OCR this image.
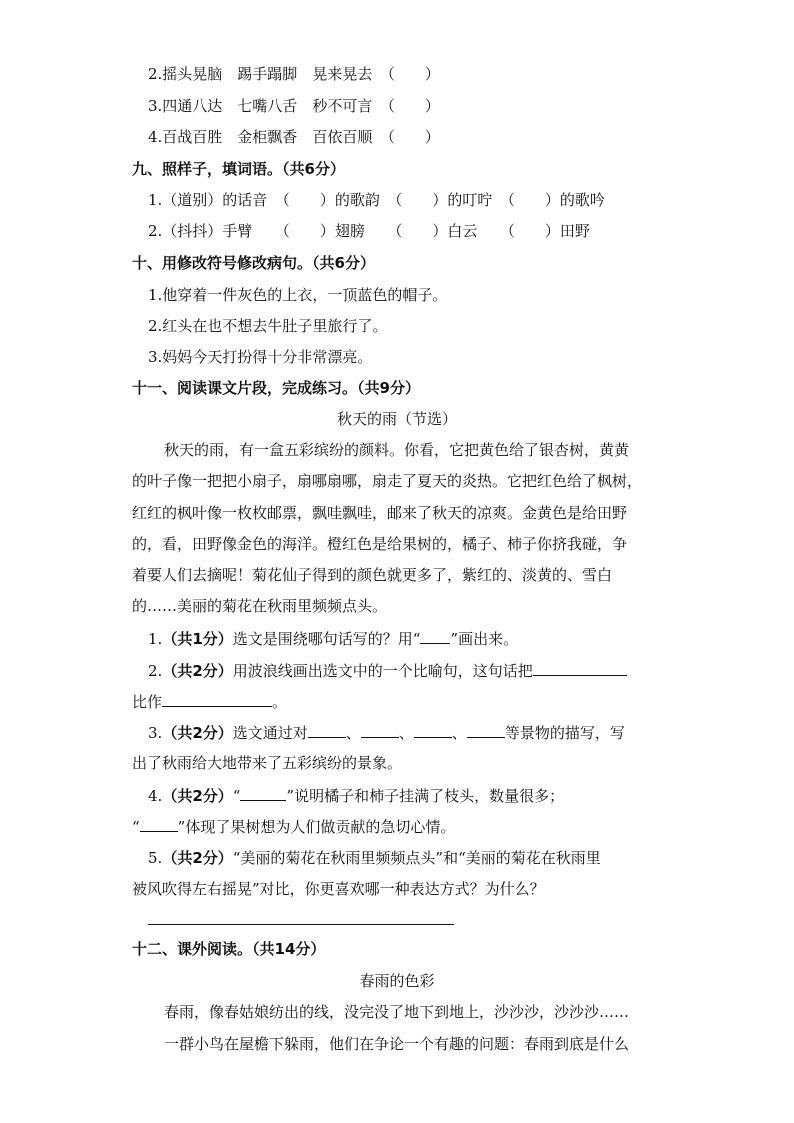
2.摇头晃脑　踢手蹋脚　晃来晃去　（　　）
3.四通八达　七嘴八舌　秒不可言　（　　）
4.百战百胜　金柜飘香　百依百顺　（　　）
九、照样子，填词语。（共6分）
1.（道别）的话音　（　　）的歌韵　（　　）的叮咛　（　　）的歌吟
2.（抖抖）手臂　　（　　）翅膀　　（　　）白云　　（　　）田野
十、用修改符号修改病句。（共6分）
1.他穿着一件灰色的上衣，一顶蓝色的帽子。
2.红头在也不想去牛肚子里旅行了。
3.妈妈今天打扮得十分非常漂亮。
十一、阅读课文片段，完成练习。（共9分）
秋天的雨（节选）
秋天的雨，有一盒五彩缤纷的颜料。你看，它把黄色给了银杏树，黄黄
的叶子像一把把小扇子，扇哪扇哪，扇走了夏天的炎热。它把红色给了枫树，
红红的枫叶像一枚枚邮票，飘哇飘哇，邮来了秋天的凉爽。金黄色是给田野
的，看，田野像金色的海洋。橙红色是给果树的，橘子、柿子你挤我碰，争
着要人们去摘呢！菊花仙子得到的颜色就更多了，紫红的、淡黄的、雪白
的……美丽的菊花在秋雨里频频点头。
1.（共1分）选文是围绕哪句话写的？用“ ”画出来。
2.（共2分）用波浪线画出选文中的一个比喻句，这句话把
比作	。
3.（共2分）选文通过对	、	、	、	等景物的描写，写
出了秋雨给大地带来了五彩缤纷的景象。
4.（共2分）“	”说明橘子和柿子挂满了枝头，数量很多；
“	”体现了果树想为人们做贡献的急切心情。
5.（共2分）“美丽的菊花在秋雨里频频点头”和“美丽的菊花在秋雨里
被风吹得左右摇晃”对比，你更喜欢哪一种表达方式？为什么？
十二、课外阅读。（共14分）
春雨的色彩
春雨，像春姑娘纺出的线，没完没了地下到地上，沙沙沙，沙沙沙……
一群小鸟在屋檐下躲雨，他们在争论一个有趣的问题：春雨到底是什么
